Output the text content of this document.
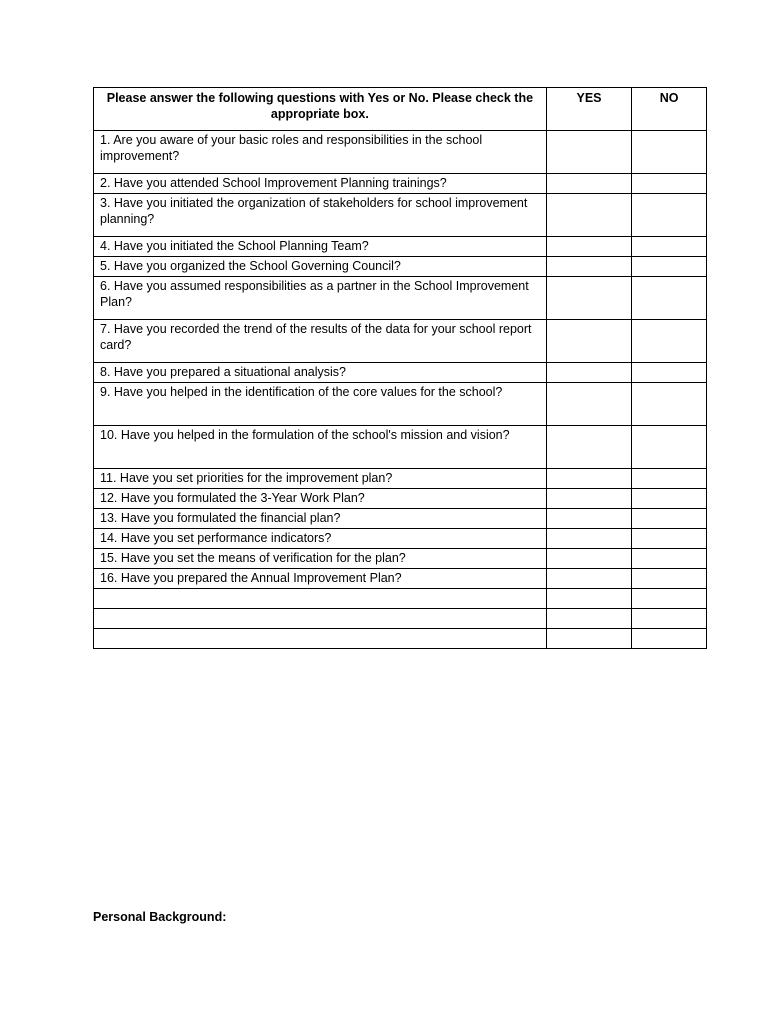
Please answer the following questions with Yes or No. Please check the appropriate box.	YES	NO
1. Are you aware of your basic roles and responsibilities in the school improvement?		
2. Have you attended School Improvement Planning trainings?		
3. Have you initiated the organization of stakeholders for school improvement planning?		
4. Have you initiated the School Planning Team?		
5. Have you organized the School Governing Council?		
6. Have you assumed responsibilities as a partner in the School Improvement Plan?		
7. Have you recorded the trend of the results of the data for your school report card?		
8. Have you prepared a situational analysis?		
9. Have you helped in the identification of the core values for the school?		
10. Have you helped in the formulation of the school's mission and vision?		
11. Have you set priorities for the improvement plan?		
12. Have you formulated the 3-Year Work Plan?		
13. Have you formulated the financial plan?		
14. Have you set performance indicators?		
15. Have you set the means of verification for the plan?		
16. Have you prepared the Annual Improvement Plan?		

Personal Background:
